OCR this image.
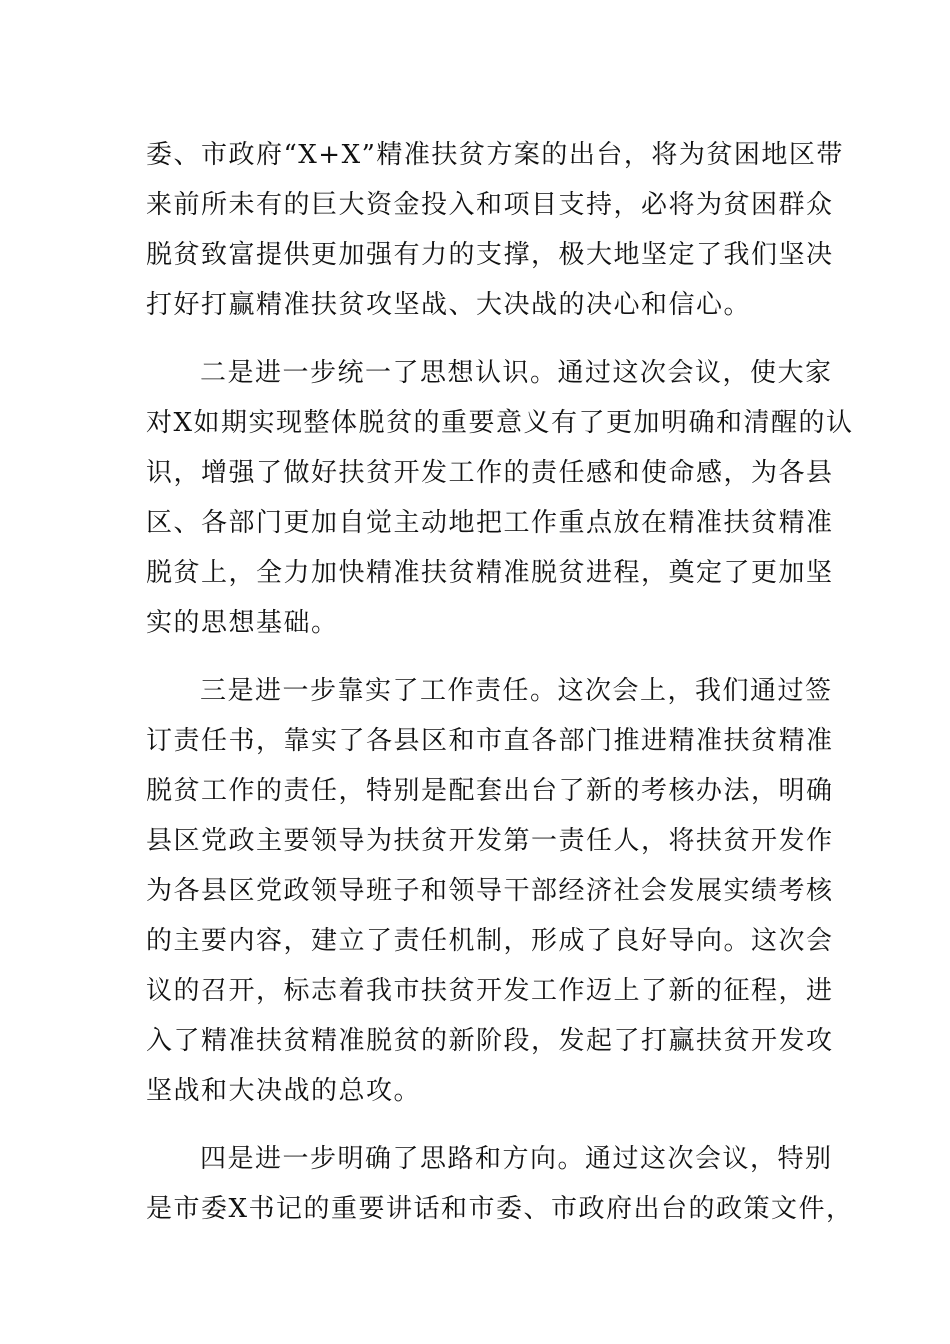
委、市政府“X+X”精准扶贫方案的出台，将为贫困地区带
来前所未有的巨大资金投入和项目支持，必将为贫困群众
脱贫致富提供更加强有力的支撑，极大地坚定了我们坚决
打好打赢精准扶贫攻坚战、大决战的决心和信心。

二是进一步统一了思想认识。通过这次会议，使大家
对X如期实现整体脱贫的重要意义有了更加明确和清醒的认
识，增强了做好扶贫开发工作的责任感和使命感，为各县
区、各部门更加自觉主动地把工作重点放在精准扶贫精准
脱贫上，全力加快精准扶贫精准脱贫进程，奠定了更加坚
实的思想基础。

三是进一步靠实了工作责任。这次会上，我们通过签
订责任书，靠实了各县区和市直各部门推进精准扶贫精准
脱贫工作的责任，特别是配套出台了新的考核办法，明确
县区党政主要领导为扶贫开发第一责任人，将扶贫开发作
为各县区党政领导班子和领导干部经济社会发展实绩考核
的主要内容，建立了责任机制，形成了良好导向。这次会
议的召开，标志着我市扶贫开发工作迈上了新的征程，进
入了精准扶贫精准脱贫的新阶段，发起了打赢扶贫开发攻
坚战和大决战的总攻。

四是进一步明确了思路和方向。通过这次会议，特别
是市委X书记的重要讲话和市委、市政府出台的政策文件，
